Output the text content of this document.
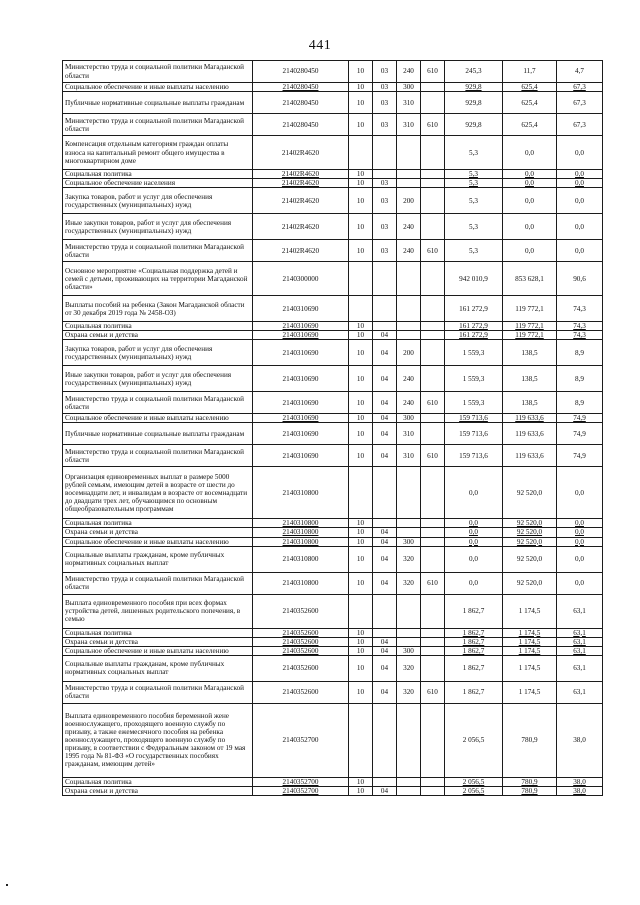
441
Министерство труда и социальной политики Магаданской области	2140280450	10	03	240	610	245,3	11,7	4,7
Социальное обеспечение и иные выплаты населению	2140280450	10	03	300		929,8	625,4	67,3
Публичные нормативные социальные выплаты гражданам	2140280450	10	03	310		929,8	625,4	67,3
Министерство труда и социальной политики Магаданской области	2140280450	10	03	310	610	929,8	625,4	67,3
Компенсация отдельным категориям граждан оплаты взноса на капитальный ремонт общего имущества в многоквартирном доме	21402R4620					5,3	0,0	0,0
Социальная политика	21402R4620	10				5,3	0,0	0,0
Социальное обеспечение населения	21402R4620	10	03			5,3	0,0	0,0
Закупка товаров, работ и услуг для обеспечения государственных (муниципальных) нужд	21402R4620	10	03	200		5,3	0,0	0,0
Иные закупки товаров, работ и услуг для обеспечения государственных (муниципальных) нужд	21402R4620	10	03	240		5,3	0,0	0,0
Министерство труда и социальной политики Магаданской области	21402R4620	10	03	240	610	5,3	0,0	0,0
Основное мероприятие «Социальная поддержка детей и семей с детьми, проживающих на территории Магаданской области»	2140300000					942 010,9	853 628,1	90,6
Выплаты пособий на ребенка (Закон Магаданской области от 30 декабря 2019 года № 2458-ОЗ)	2140310690					161 272,9	119 772,1	74,3
Социальная политика	2140310690	10				161 272,9	119 772,1	74,3
Охрана семьи и детства	2140310690	10	04			161 272,9	119 772,1	74,3
Закупка товаров, работ и услуг для обеспечения государственных (муниципальных) нужд	2140310690	10	04	200		1 559,3	138,5	8,9
Иные закупки товаров, работ и услуг для обеспечения государственных (муниципальных) нужд	2140310690	10	04	240		1 559,3	138,5	8,9
Министерство труда и социальной политики Магаданской области	2140310690	10	04	240	610	1 559,3	138,5	8,9
Социальное обеспечение и иные выплаты населению	2140310690	10	04	300		159 713,6	119 633,6	74,9
Публичные нормативные социальные выплаты гражданам	2140310690	10	04	310		159 713,6	119 633,6	74,9
Министерство труда и социальной политики Магаданской области	2140310690	10	04	310	610	159 713,6	119 633,6	74,9
Организация единовременных выплат в размере 5000 рублей семьям, имеющим детей в возрасте от шести до восемнадцати лет, и инвалидам в возрасте от восемнадцати до двадцати трех лет, обучающимся по основным общеобразовательным программам	2140310800					0,0	92 520,0	0,0
Социальная политика	2140310800	10				0,0	92 520,0	0,0
Охрана семьи и детства	2140310800	10	04			0,0	92 520,0	0,0
Социальное обеспечение и иные выплаты населению	2140310800	10	04	300		0,0	92 520,0	0,0
Социальные выплаты гражданам, кроме публичных нормативных социальных выплат	2140310800	10	04	320		0,0	92 520,0	0,0
Министерство труда и социальной политики Магаданской области	2140310800	10	04	320	610	0,0	92 520,0	0,0
Выплата единовременного пособия при всех формах устройства детей, лишенных родительского попечения, в семью	2140352600					1 862,7	1 174,5	63,1
Социальная политика	2140352600	10				1 862,7	1 174,5	63,1
Охрана семьи и детства	2140352600	10	04			1 862,7	1 174,5	63,1
Социальное обеспечение и иные выплаты населению	2140352600	10	04	300		1 862,7	1 174,5	63,1
Социальные выплаты гражданам, кроме публичных нормативных социальных выплат	2140352600	10	04	320		1 862,7	1 174,5	63,1
Министерство труда и социальной политики Магаданской области	2140352600	10	04	320	610	1 862,7	1 174,5	63,1
Выплата единовременного пособия беременной жене военнослужащего, проходящего военную службу по призыву, а также ежемесячного пособия на ребенка военнослужащего, проходящего военную службу по призыву, в соответствии с Федеральным законом от 19 мая 1995 года № 81-ФЗ «О государственных пособиях гражданам, имеющим детей»	2140352700					2 056,5	780,9	38,0
Социальная политика	2140352700	10				2 056,5	780,9	38,0
Охрана семьи и детства	2140352700	10	04			2 056,5	780,9	38,0
